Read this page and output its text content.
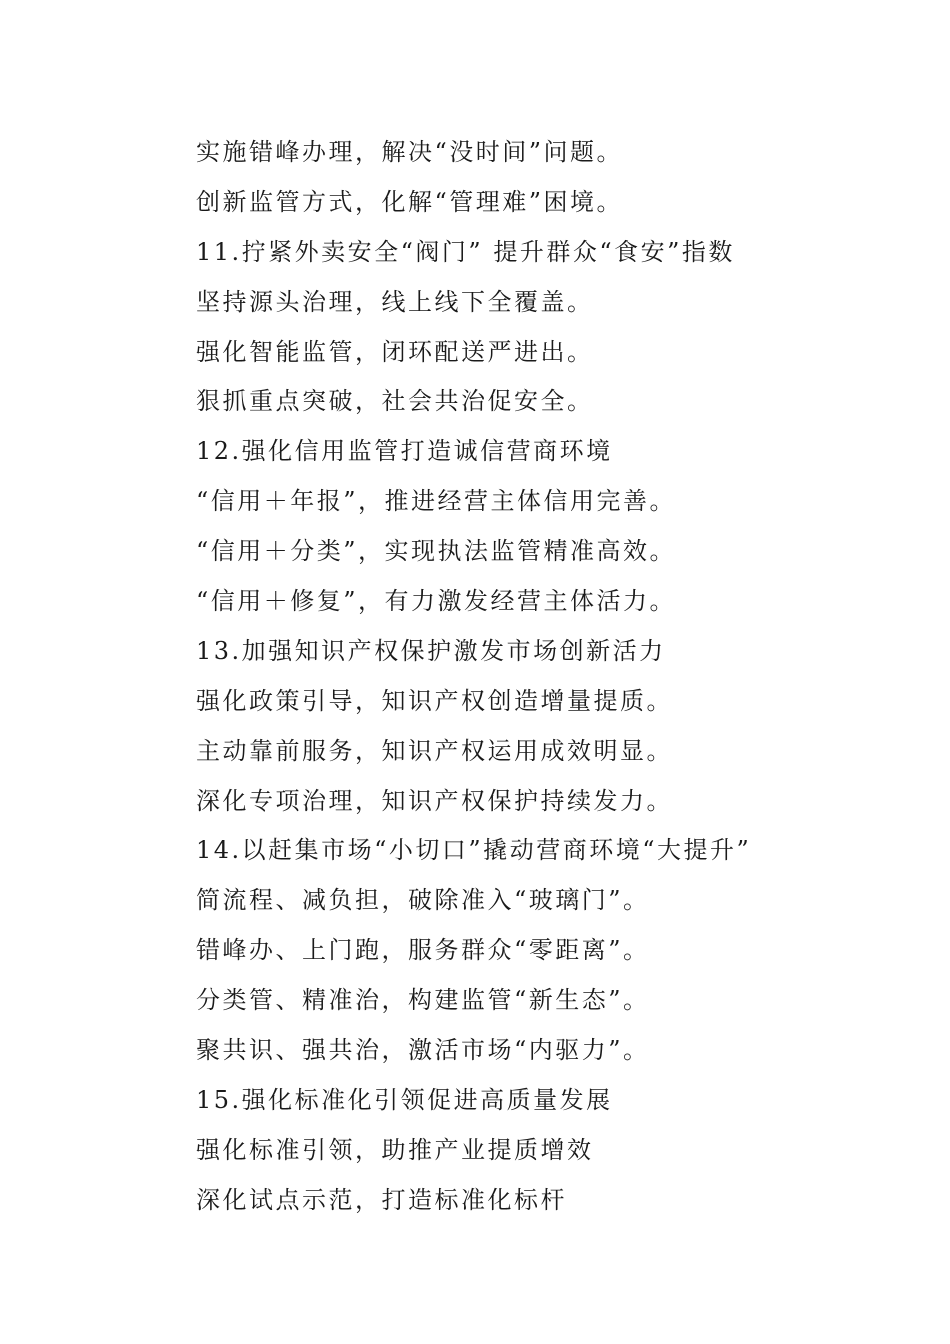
实施错峰办理，解决“没时间”问题。
创新监管方式，化解“管理难”困境。
11.拧紧外卖安全“阀门” 提升群众“食安”指数
坚持源头治理，线上线下全覆盖。
强化智能监管，闭环配送严进出。
狠抓重点突破，社会共治促安全。
12.强化信用监管打造诚信营商环境
“信用＋年报”，推进经营主体信用完善。
“信用＋分类”，实现执法监管精准高效。
“信用＋修复”，有力激发经营主体活力。
13.加强知识产权保护激发市场创新活力
强化政策引导，知识产权创造增量提质。
主动靠前服务，知识产权运用成效明显。
深化专项治理，知识产权保护持续发力。
14.以赶集市场“小切口”撬动营商环境“大提升”
简流程、减负担，破除准入“玻璃门”。
错峰办、上门跑，服务群众“零距离”。
分类管、精准治，构建监管“新生态”。
聚共识、强共治，激活市场“内驱力”。
15.强化标准化引领促进高质量发展
强化标准引领，助推产业提质增效
深化试点示范，打造标准化标杆
